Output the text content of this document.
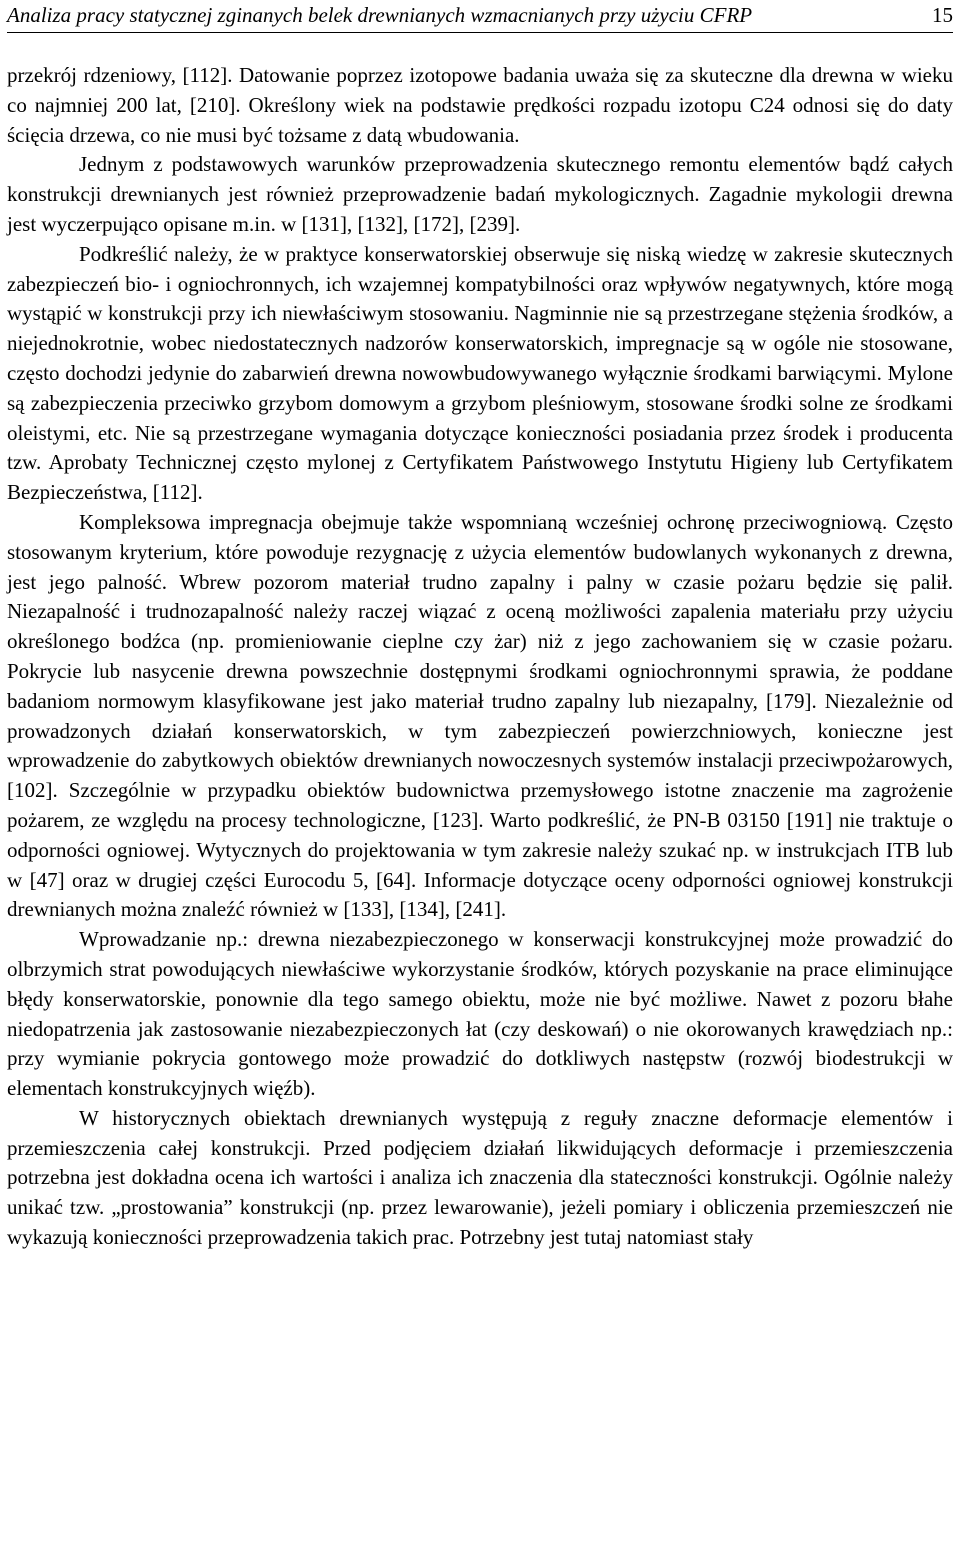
Analiza pracy statycznej zginanych belek drewnianych wzmacnianych przy użyciu CFRP	15

przekrój rdzeniowy, [112]. Datowanie poprzez izotopowe badania uważa się za skuteczne dla drewna w wieku co najmniej 200 lat, [210]. Określony wiek na podstawie prędkości rozpadu izotopu C24 odnosi się do daty ścięcia drzewa, co nie musi być tożsame z datą wbudowania.

Jednym z podstawowych warunków przeprowadzenia skutecznego remontu elementów bądź całych konstrukcji drewnianych jest również przeprowadzenie badań mykologicznych. Zagadnie mykologii drewna jest wyczerpująco opisane m.in. w [131], [132], [172], [239].

Podkreślić należy, że w praktyce konserwatorskiej obserwuje się niską wiedzę w zakresie skutecznych zabezpieczeń bio- i ogniochronnych, ich wzajemnej kompatybilności oraz wpływów negatywnych, które mogą wystąpić w konstrukcji przy ich niewłaściwym stosowaniu. Nagminnie nie są przestrzegane stężenia środków, a niejednokrotnie, wobec niedostatecznych nadzorów konserwatorskich, impregnacje są w ogóle nie stosowane, często dochodzi jedynie do zabarwień drewna nowowbudowywanego wyłącznie środkami barwiącymi. Mylone są zabezpieczenia przeciwko grzybom domowym a grzybom pleśniowym, stosowane środki solne ze środkami oleistymi, etc. Nie są przestrzegane wymagania dotyczące konieczności posiadania przez środek i producenta tzw. Aprobaty Technicznej często mylonej z Certyfikatem Państwowego Instytutu Higieny lub Certyfikatem Bezpieczeństwa, [112].

Kompleksowa impregnacja obejmuje także wspomnianą wcześniej ochronę przeciwogniową. Często stosowanym kryterium, które powoduje rezygnację z użycia elementów budowlanych wykonanych z drewna, jest jego palność. Wbrew pozorom materiał trudno zapalny i palny w czasie pożaru będzie się palił. Niezapalność i trudnozapalność należy raczej wiązać z oceną możliwości zapalenia materiału przy użyciu określonego bodźca (np. promieniowanie cieplne czy żar) niż z jego zachowaniem się w czasie pożaru. Pokrycie lub nasycenie drewna powszechnie dostępnymi środkami ogniochronnymi sprawia, że poddane badaniom normowym klasyfikowane jest jako materiał trudno zapalny lub niezapalny, [179]. Niezależnie od prowadzonych działań konserwatorskich, w tym zabezpieczeń powierzchniowych, konieczne jest wprowadzenie do zabytkowych obiektów drewnianych nowoczesnych systemów instalacji przeciwpożarowych, [102]. Szczególnie w przypadku obiektów budownictwa przemysłowego istotne znaczenie ma zagrożenie pożarem, ze względu na procesy technologiczne, [123]. Warto podkreślić, że PN-B 03150 [191] nie traktuje o odporności ogniowej. Wytycznych do projektowania w tym zakresie należy szukać np. w instrukcjach ITB lub w [47] oraz w drugiej części Eurocodu 5, [64]. Informacje dotyczące oceny odporności ogniowej konstrukcji drewnianych można znaleźć również w [133], [134], [241].

Wprowadzanie np.: drewna niezabezpieczonego w konserwacji konstrukcyjnej może prowadzić do olbrzymich strat powodujących niewłaściwe wykorzystanie środków, których pozyskanie na prace eliminujące błędy konserwatorskie, ponownie dla tego samego obiektu, może nie być możliwe. Nawet z pozoru błahe niedopatrzenia jak zastosowanie niezabezpieczonych łat (czy deskowań) o nie okorowanych krawędziach np.: przy wymianie pokrycia gontowego może prowadzić do dotkliwych następstw (rozwój biodestrukcji w elementach konstrukcyjnych więźb).

W historycznych obiektach drewnianych występują z reguły znaczne deformacje elementów i przemieszczenia całej konstrukcji. Przed podjęciem działań likwidujących deformacje i przemieszczenia potrzebna jest dokładna ocena ich wartości i analiza ich znaczenia dla stateczności konstrukcji. Ogólnie należy unikać tzw. „prostowania” konstrukcji (np. przez lewarowanie), jeżeli pomiary i obliczenia przemieszczeń nie wykazują konieczności przeprowadzenia takich prac. Potrzebny jest tutaj natomiast stały
